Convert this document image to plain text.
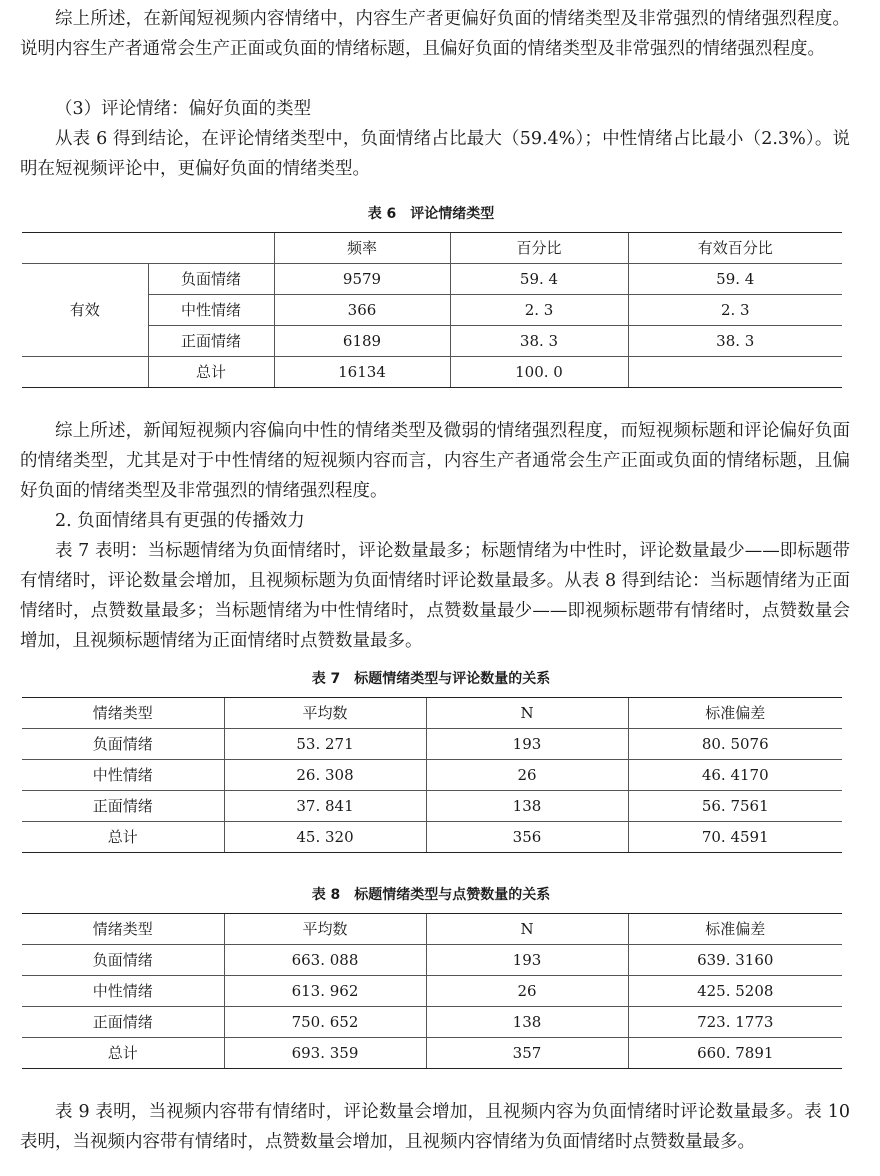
综上所述，在新闻短视频内容情绪中，内容生产者更偏好负面的情绪类型及非常强烈的情绪强烈程度。说明内容生产者通常会生产正面或负面的情绪标题，且偏好负面的情绪类型及非常强烈的情绪强烈程度。

（3）评论情绪：偏好负面的类型

从表 6 得到结论，在评论情绪类型中，负面情绪占比最大（59.4%）；中性情绪占比最小（2.3%）。说明在短视频评论中，更偏好负面的情绪类型。

表 6　评论情绪类型
		频率	百分比	有效百分比
有效	负面情绪	9579	59. 4	59. 4
	中性情绪	366	2. 3	2. 3
	正面情绪	6189	38. 3	38. 3
	总计	16134	100. 0	

综上所述，新闻短视频内容偏向中性的情绪类型及微弱的情绪强烈程度，而短视频标题和评论偏好负面的情绪类型，尤其是对于中性情绪的短视频内容而言，内容生产者通常会生产正面或负面的情绪标题，且偏好负面的情绪类型及非常强烈的情绪强烈程度。

2. 负面情绪具有更强的传播效力

表 7 表明：当标题情绪为负面情绪时，评论数量最多；标题情绪为中性时，评论数量最少——即标题带有情绪时，评论数量会增加，且视频标题为负面情绪时评论数量最多。从表 8 得到结论：当标题情绪为正面情绪时，点赞数量最多；当标题情绪为中性情绪时，点赞数量最少——即视频标题带有情绪时，点赞数量会增加，且视频标题情绪为正面情绪时点赞数量最多。

表 7　标题情绪类型与评论数量的关系
情绪类型	平均数	N	标准偏差
负面情绪	53. 271	193	80. 5076
中性情绪	26. 308	26	46. 4170
正面情绪	37. 841	138	56. 7561
总计	45. 320	356	70. 4591
表 8　标题情绪类型与点赞数量的关系
情绪类型	平均数	N	标准偏差
负面情绪	663. 088	193	639. 3160
中性情绪	613. 962	26	425. 5208
正面情绪	750. 652	138	723. 1773
总计	693. 359	357	660. 7891

表 9 表明，当视频内容带有情绪时，评论数量会增加，且视频内容为负面情绪时评论数量最多。表 10 表明，当视频内容带有情绪时，点赞数量会增加，且视频内容情绪为负面情绪时点赞数量最多。
